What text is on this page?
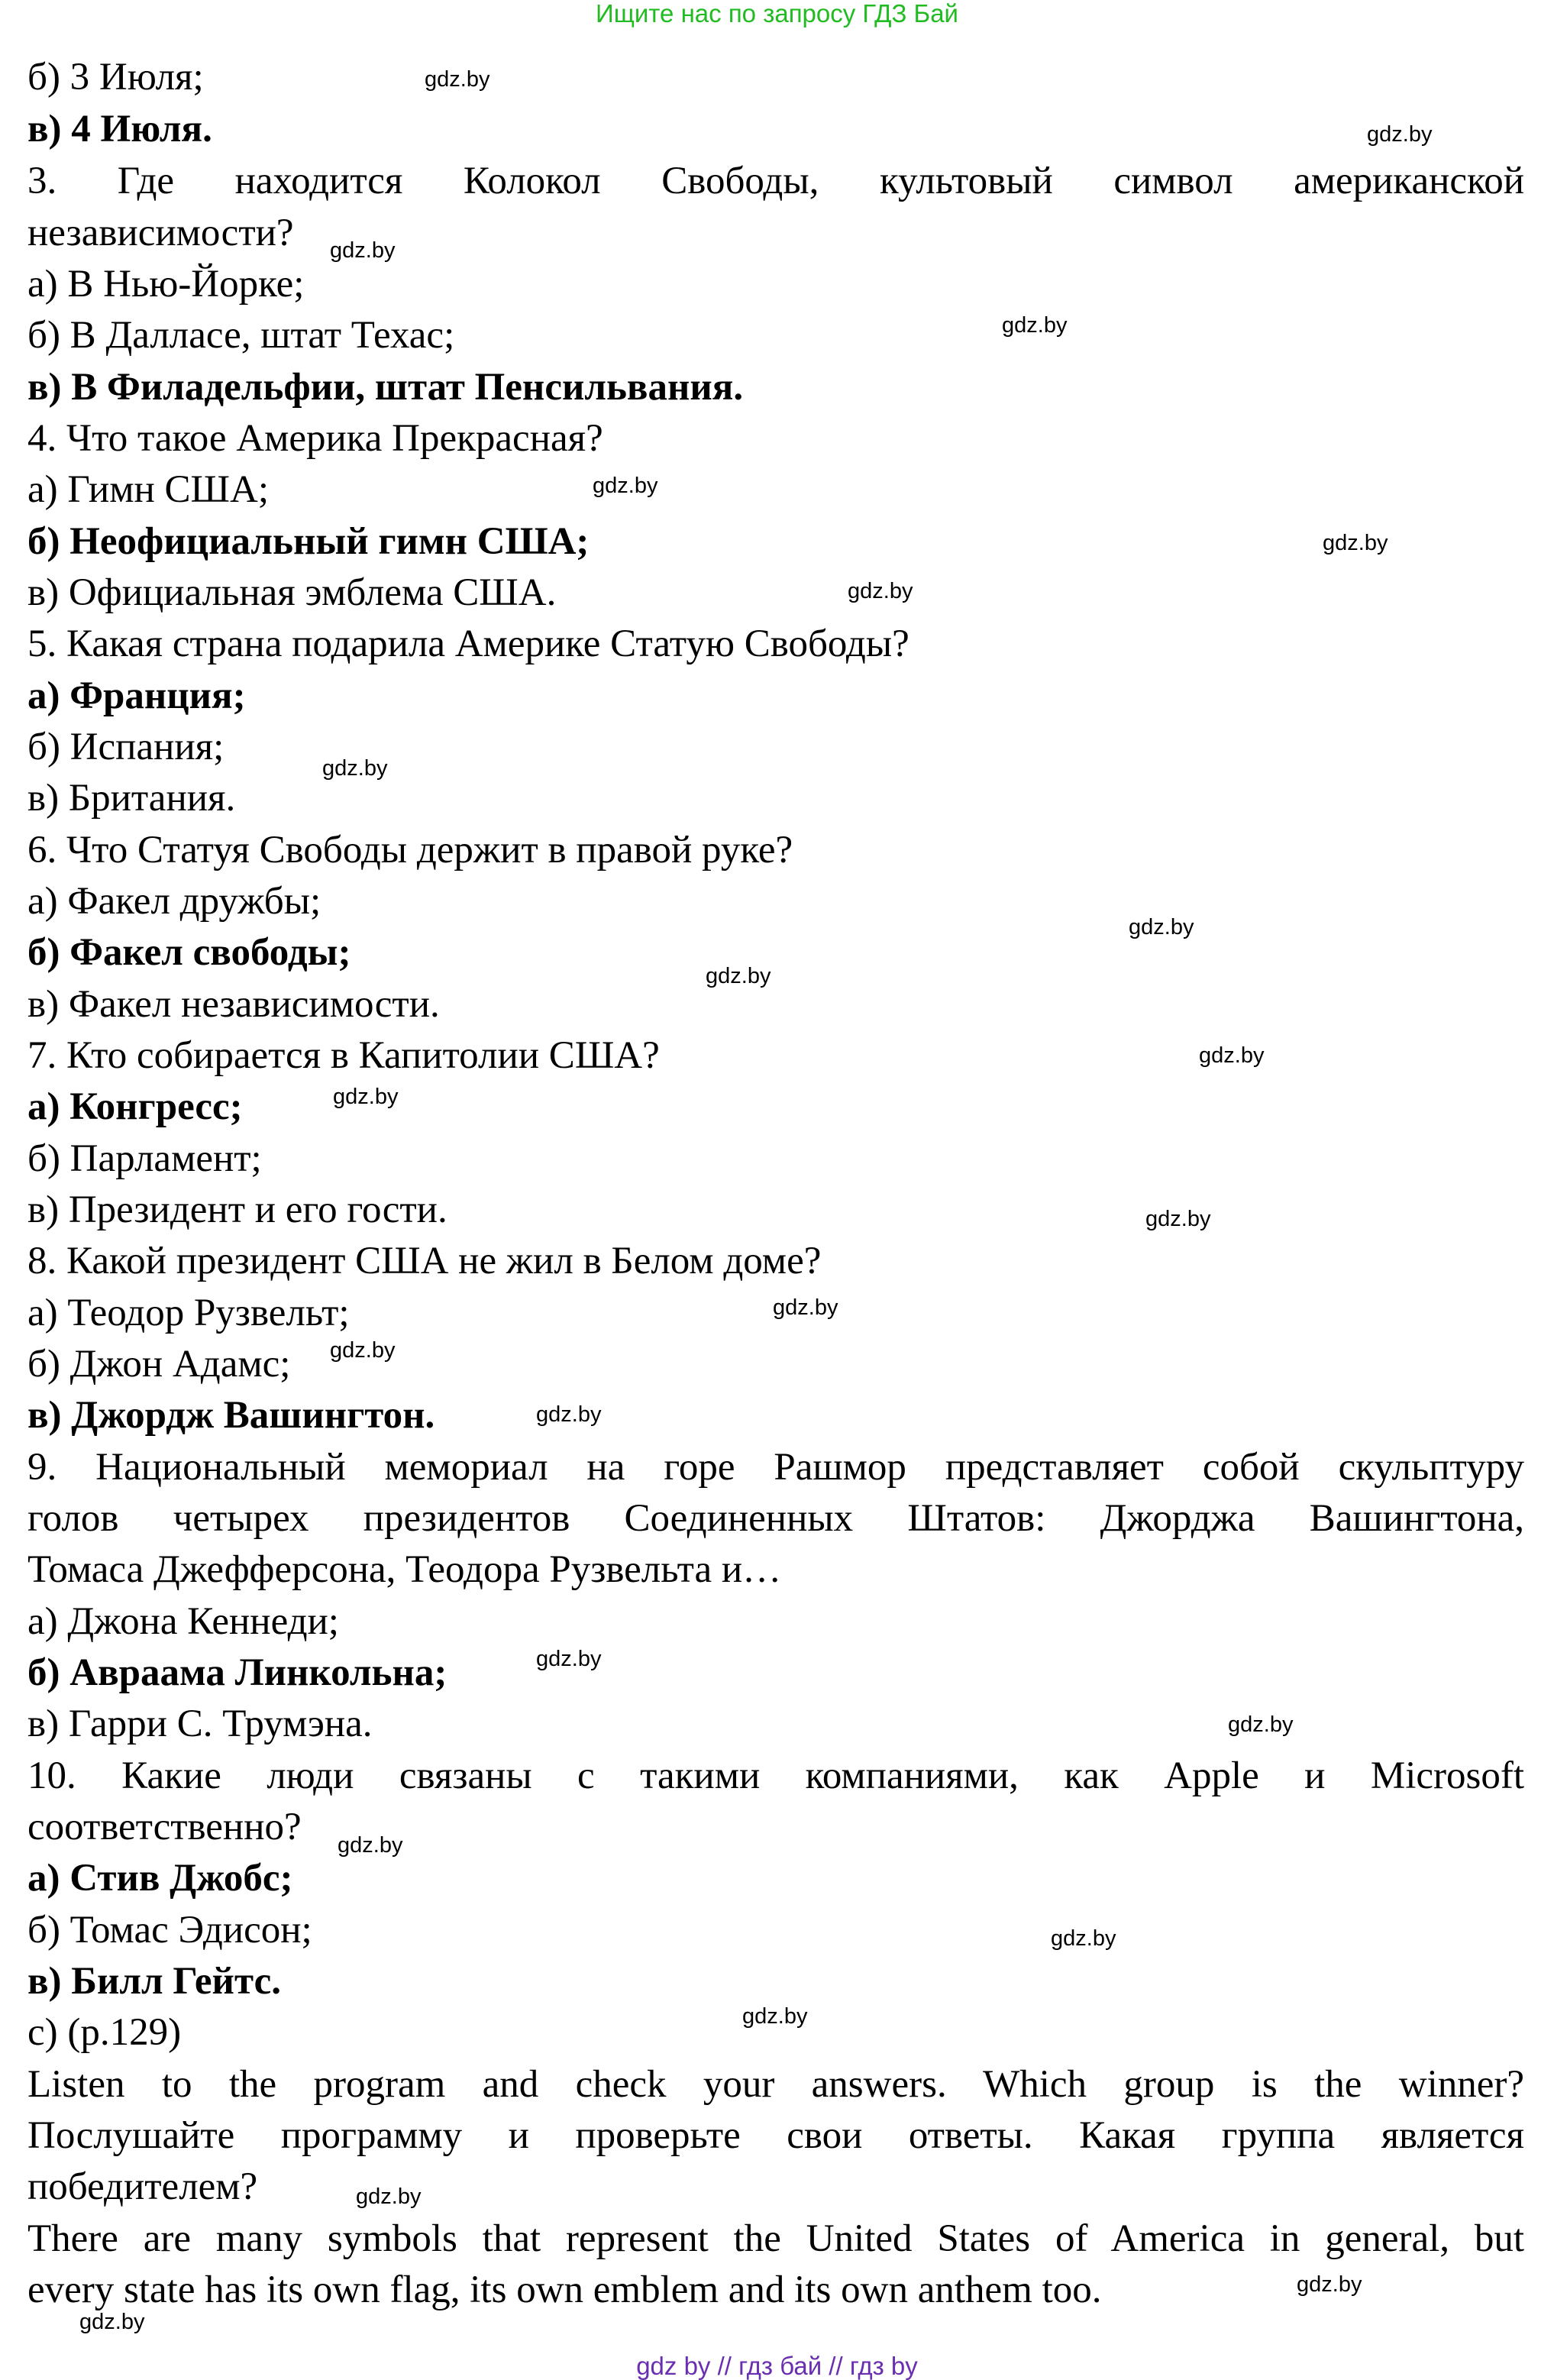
Ищите нас по запросу ГДЗ Бай
б) 3 Июля;
в) 4 Июля.
3. Где находится Колокол Свободы, культовый символ американской
независимости?
а) В Нью-Йорке;
б) В Далласе, штат Техас;
в) В Филадельфии, штат Пенсильвания.
4. Что такое Америка Прекрасная?
а) Гимн США;
б) Неофициальный гимн США;
в) Официальная эмблема США.
5. Какая страна подарила Америке Статую Свободы?
а) Франция;
б) Испания;
в) Британия.
6. Что Статуя Свободы держит в правой руке?
а) Факел дружбы;
б) Факел свободы;
в) Факел независимости.
7. Кто собирается в Капитолии США?
а) Конгресс;
б) Парламент;
в) Президент и его гости.
8. Какой президент США не жил в Белом доме?
а) Теодор Рузвельт;
б) Джон Адамс;
в) Джордж Вашингтон.
9. Национальный мемориал на горе Рашмор представляет собой скульптуру
голов четырех президентов Соединенных Штатов: Джорджа Вашингтона,
Томаса Джефферсона, Теодора Рузвельта и…
а) Джона Кеннеди;
б) Авраама Линкольна;
в) Гарри С. Трумэна.
10. Какие люди связаны с такими компаниями, как Apple и Microsoft
соответственно?
а) Стив Джобс;
б) Томас Эдисон;
в) Билл Гейтс.
c) (p.129)
Listen to the program and check your answers. Which group is the winner?
Послушайте программу и проверьте свои ответы. Какая группа является
победителем?
There are many symbols that represent the United States of America in general, but
every state has its own flag, its own emblem and its own anthem too.
gdz.by
gdz.by
gdz.by
gdz.by
gdz.by
gdz.by
gdz.by
gdz.by
gdz.by
gdz.by
gdz.by
gdz.by
gdz.by
gdz.by
gdz.by
gdz.by
gdz.by
gdz.by
gdz.by
gdz.by
gdz.by
gdz.by
gdz.by
gdz.by
gdz by // гдз бай // гдз by
